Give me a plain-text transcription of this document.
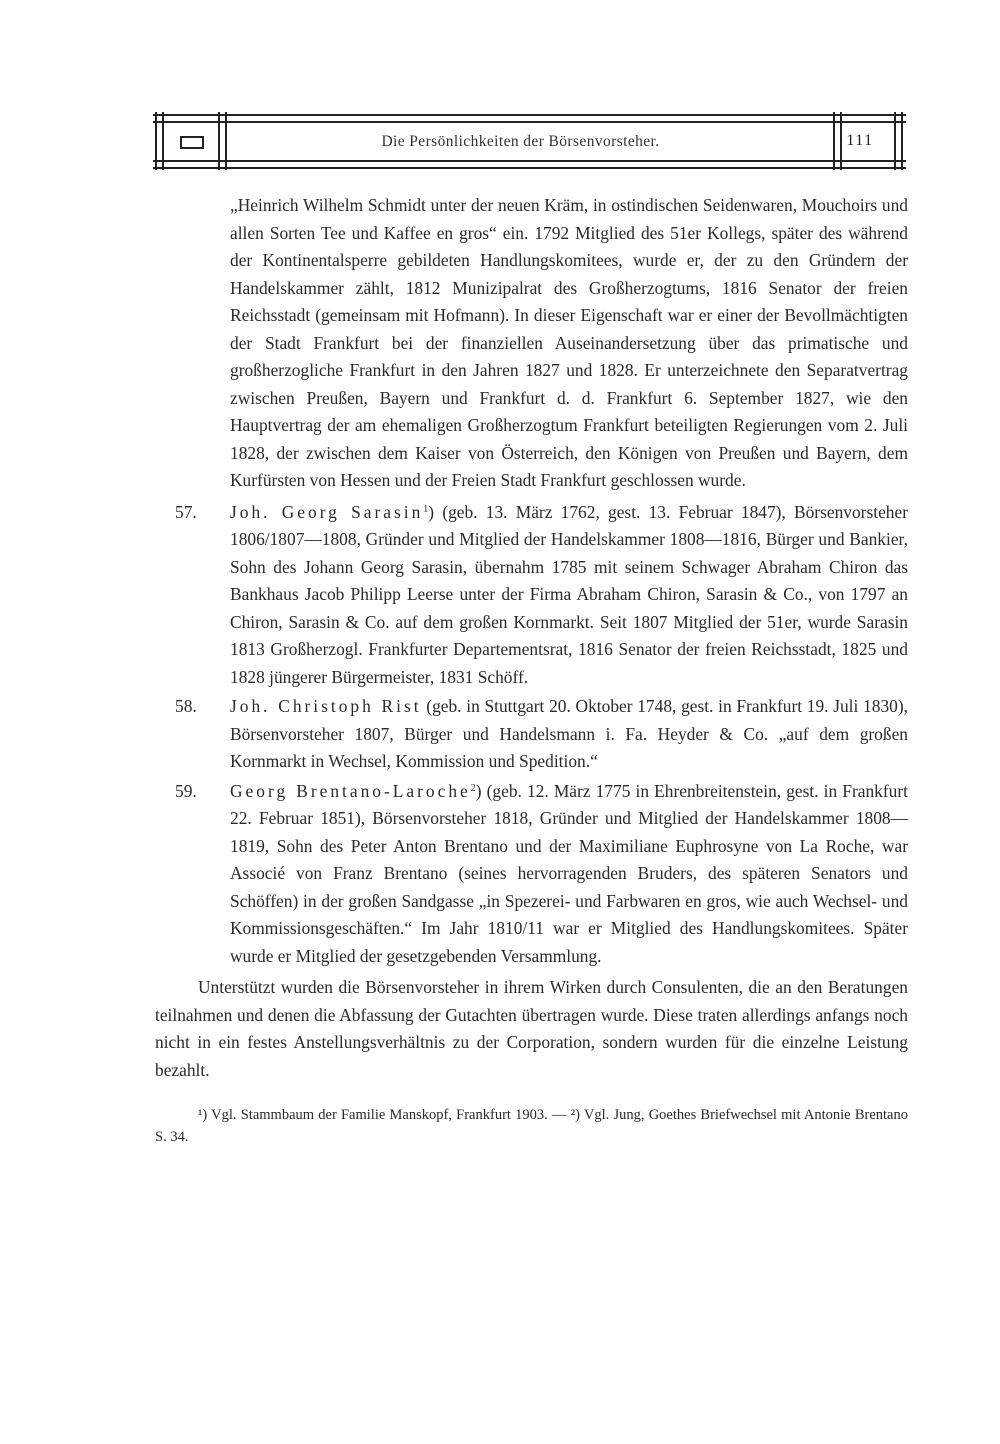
Die Persönlichkeiten der Börsenvorsteher.	111

„Heinrich Wilhelm Schmidt unter der neuen Kräm, in ostindischen Seidenwaren, Mouchoirs und allen Sorten Tee und Kaffee en gros“ ein. 1792 Mitglied des 51er Kollegs, später des während der Kontinentalsperre gebildeten Handlungskomitees, wurde er, der zu den Gründern der Handelskammer zählt, 1812 Munizipalrat des Großherzogtums, 1816 Senator der freien Reichsstadt (gemeinsam mit Hofmann). In dieser Eigenschaft war er einer der Bevollmächtigten der Stadt Frankfurt bei der finanziellen Auseinandersetzung über das primatische und großherzogliche Frankfurt in den Jahren 1827 und 1828. Er unterzeichnete den Separatvertrag zwischen Preußen, Bayern und Frankfurt d. d. Frankfurt 6. September 1827, wie den Hauptvertrag der am ehemaligen Großherzogtum Frankfurt beteiligten Regierungen vom 2. Juli 1828, der zwischen dem Kaiser von Österreich, den Königen von Preußen und Bayern, dem Kurfürsten von Hessen und der Freien Stadt Frankfurt geschlossen wurde.

57. Joh. Georg Sarasin$^1$) (geb. 13. März 1762, gest. 13. Februar 1847), Börsenvorsteher 1806/1807—1808, Gründer und Mitglied der Handelskammer 1808—1816, Bürger und Bankier, Sohn des Johann Georg Sarasin, übernahm 1785 mit seinem Schwager Abraham Chiron das Bankhaus Jacob Philipp Leerse unter der Firma Abraham Chiron, Sarasin & Co., von 1797 an Chiron, Sarasin & Co. auf dem großen Kornmarkt. Seit 1807 Mitglied der 51er, wurde Sarasin 1813 Großherzogl. Frankfurter Departementsrat, 1816 Senator der freien Reichsstadt, 1825 und 1828 jüngerer Bürgermeister, 1831 Schöff.

58. Joh. Christoph Rist (geb. in Stuttgart 20. Oktober 1748, gest. in Frankfurt 19. Juli 1830), Börsenvorsteher 1807, Bürger und Handelsmann i. Fa. Heyder & Co. „auf dem großen Kornmarkt in Wechsel, Kommission und Spedition.“

59. Georg Brentano-Laroche$^2$) (geb. 12. März 1775 in Ehrenbreitenstein, gest. in Frankfurt 22. Februar 1851), Börsenvorsteher 1818, Gründer und Mitglied der Handelskammer 1808—1819, Sohn des Peter Anton Brentano und der Maximiliane Euphrosyne von La Roche, war Associé von Franz Brentano (seines hervorragenden Bruders, des späteren Senators und Schöffen) in der großen Sandgasse „in Spezerei- und Farbwaren en gros, wie auch Wechsel- und Kommissionsgeschäften.“ Im Jahr 1810/11 war er Mitglied des Handlungskomitees. Später wurde er Mitglied der gesetzgebenden Versammlung.

Unterstützt wurden die Börsenvorsteher in ihrem Wirken durch Consulenten, die an den Beratungen teilnahmen und denen die Abfassung der Gutachten übertragen wurde. Diese traten allerdings anfangs noch nicht in ein festes Anstellungsverhältnis zu der Corporation, sondern wurden für die einzelne Leistung bezahlt.

¹) Vgl. Stammbaum der Familie Manskopf, Frankfurt 1903. — ²) Vgl. Jung, Goethes Briefwechsel mit Antonie Brentano S. 34.
